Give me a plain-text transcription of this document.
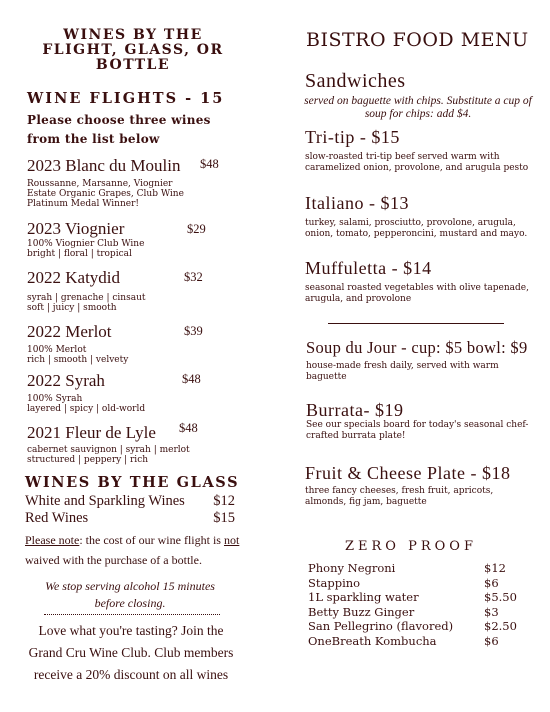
WINES BY THE FLIGHT, GLASS, OR BOTTLE
WINE FLIGHTS - 15
Please choose three wines from the list below
2023 Blanc du Moulin $48
Roussanne, Marsanne, Viognier
Estate Organic Grapes, Club Wine
Platinum Medal Winner!
2023 Viognier	$29
100% Viognier Club Wine
bright | floral | tropical
2022 Katydid	$32
syrah | grenache | cinsaut
soft | juicy | smooth
2022 Merlot	$39
100% Merlot
rich | smooth | velvety
2022 Syrah	$48
100% Syrah
layered | spicy | old-world
2021 Fleur de Lyle $48
cabernet sauvignon | syrah | merlot
structured | peppery | rich
WINES BY THE GLASS
White and Sparkling Wines $12
Red Wines	$15
Please note: the cost of our wine flight is not waived with the purchase of a bottle.
We stop serving alcohol 15 minutes before closing.
Love what you're tasting? Join the Grand Cru Wine Club. Club members receive a 20% discount on all wines
BISTRO FOOD MENU
Sandwiches
served on baguette with chips. Substitute a cup of soup for chips: add $4.
Tri-tip - $15
slow-roasted tri-tip beef served warm with caramelized onion, provolone, and arugula pesto
Italiano - $13
turkey, salami, prosciutto, provolone, arugula, onion, tomato, pepperoncini, mustard and mayo.
Muffuletta - $14
seasonal roasted vegetables with olive tapenade, arugula, and provolone
Soup du Jour - cup: $5 bowl: $9
house-made fresh daily, served with warm baguette
Burrata- $19
See our specials board for today's seasonal chef-crafted burrata plate!
Fruit & Cheese Plate - $18
three fancy cheeses, fresh fruit, apricots, almonds, fig jam, baguette
ZERO PROOF
Phony Negroni	$12
Stappino	$6
1L sparkling water	$5.50
Betty Buzz Ginger	$3
San Pellegrino (flavored)	$2.50
OneBreath Kombucha	$6
